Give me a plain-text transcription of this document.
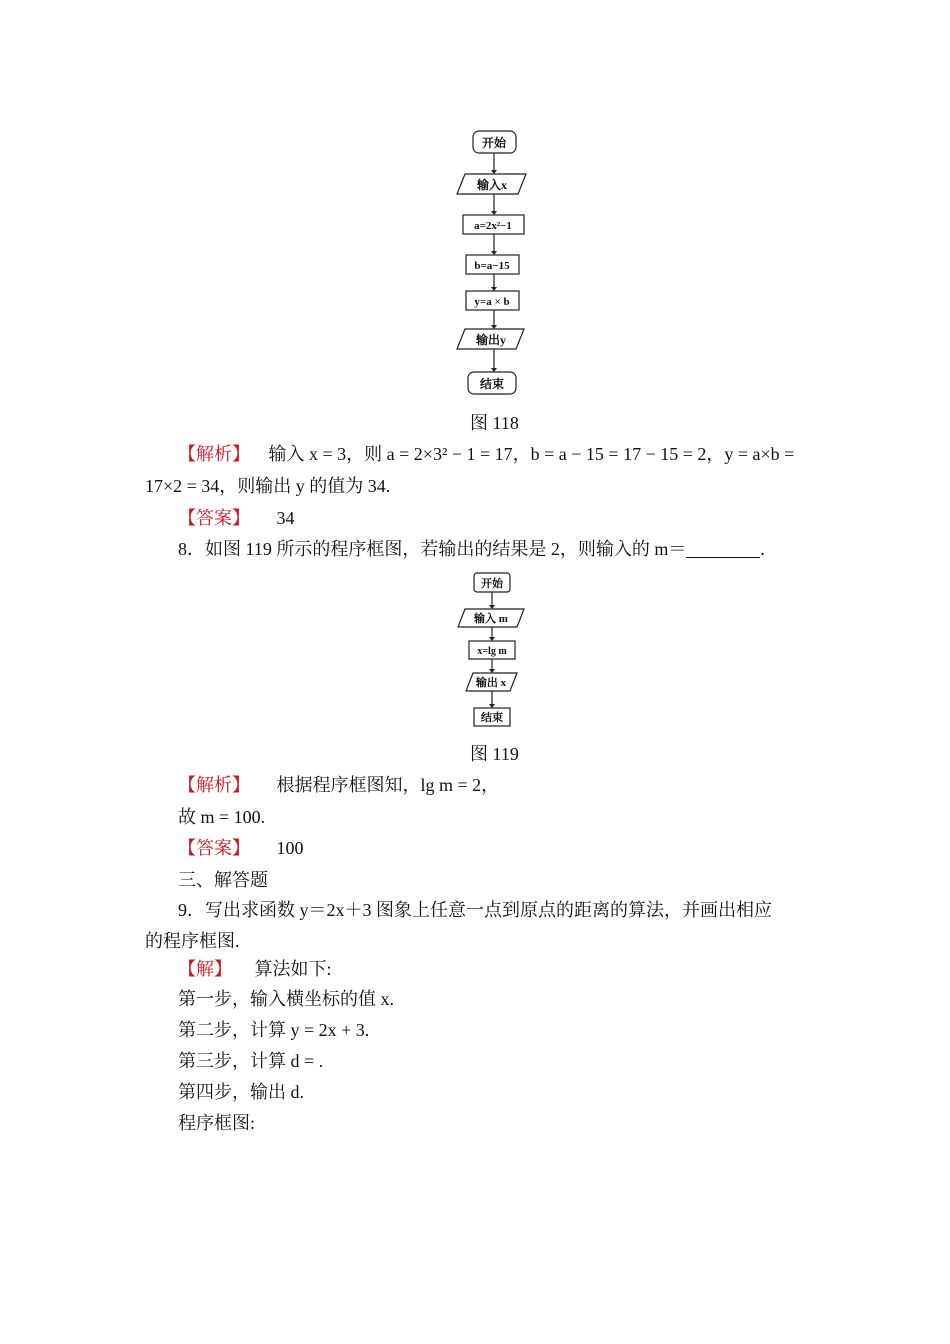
开始
输入x
a=2x²−1
b=a−15
y=a × b
输出y
结束
图 118
【解析】 输入 x = 3，则 a = 2×3² − 1 = 17，b = a − 15 = 17 − 15 = 2，y = a×b =
17×2 = 34，则输出 y 的值为 34.
【答案】 34
8．如图 119 所示的程序框图，若输出的结果是 2，则输入的 m＝	.
开始
输入 m
x=lg m
输出 x
结束
图 119
【解析】 根据程序框图知，lg m = 2，
故 m = 100.
【答案】 100
三、解答题
9．写出求函数 y＝2x＋3 图象上任意一点到原点的距离的算法，并画出相应
的程序框图.
【解】 算法如下:
第一步，输入横坐标的值 x.
第二步，计算 y = 2x + 3.
第三步，计算 d = .
第四步，输出 d.
程序框图:
